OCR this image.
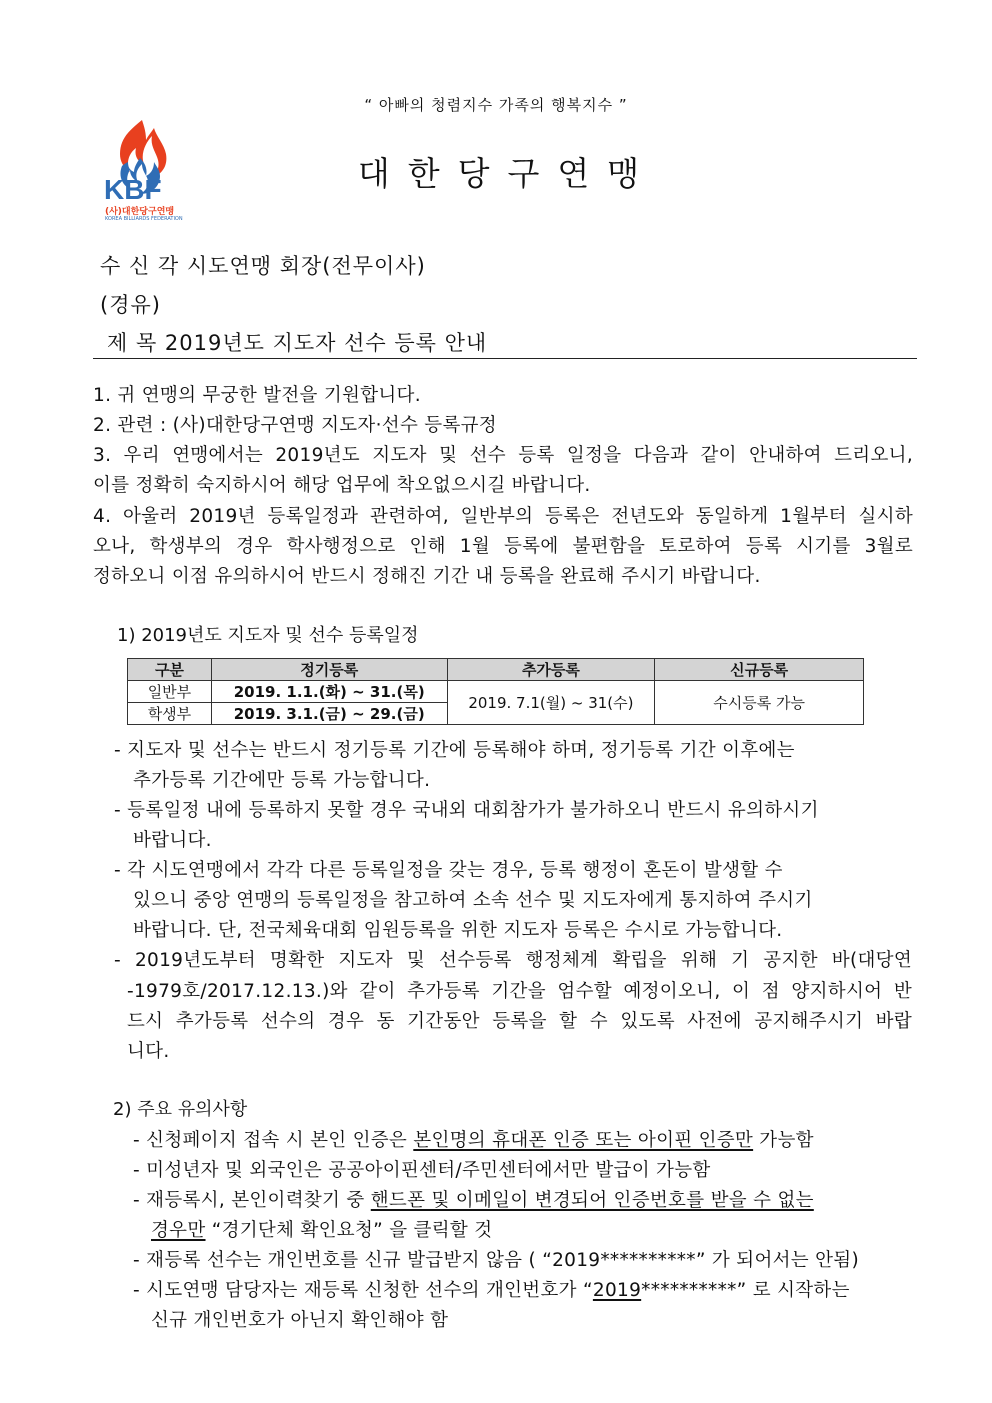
“ 아빠의 청렴지수 가족의 행복지수 ”
KBF
(사)대한당구연맹
KOREA BILLIARDS FEDERATION
대한당구연맹
수 신 각 시도연맹 회장(전무이사)
(경유)
제 목 2019년도 지도자 선수 등록 안내
1. 귀 연맹의 무궁한 발전을 기원합니다.
2. 관련 : (사)대한당구연맹 지도자·선수 등록규정
3. 우리 연맹에서는 2019년도 지도자 및 선수 등록 일정을 다음과 같이 안내하여 드리오니,
이를 정확히 숙지하시어 해당 업무에 착오없으시길 바랍니다.
4. 아울러 2019년 등록일정과 관련하여, 일반부의 등록은 전년도와 동일하게 1월부터 실시하
오나, 학생부의 경우 학사행정으로 인해 1월 등록에 불편함을 토로하여 등록 시기를 3월로
정하오니 이점 유의하시어 반드시 정해진 기간 내 등록을 완료해 주시기 바랍니다.
1) 2019년도 지도자 및 선수 등록일정
구분	정기등록	추가등록	신규등록
일반부	2019. 1.1.(화) ~ 31.(목)	2019. 7.1(월) ~ 31(수)	수시등록 가능
학생부	2019. 3.1.(금) ~ 29.(금)		
- 지도자 및 선수는 반드시 정기등록 기간에 등록해야 하며, 정기등록 기간 이후에는
추가등록 기간에만 등록 가능합니다.
- 등록일정 내에 등록하지 못할 경우 국내외 대회참가가 불가하오니 반드시 유의하시기
바랍니다.
- 각 시도연맹에서 각각 다른 등록일정을 갖는 경우, 등록 행정이 혼돈이 발생할 수
있으니 중앙 연맹의 등록일정을 참고하여 소속 선수 및 지도자에게 통지하여 주시기
바랍니다. 단, 전국체육대회 임원등록을 위한 지도자 등록은 수시로 가능합니다.
- 2019년도부터 명확한 지도자 및 선수등록 행정체계 확립을 위해 기 공지한 바(대당연
-1979호/2017.12.13.)와 같이 추가등록 기간을 엄수할 예정이오니, 이 점 양지하시어 반
드시 추가등록 선수의 경우 동 기간동안 등록을 할 수 있도록 사전에 공지해주시기 바랍
니다.
2) 주요 유의사항
- 신청페이지 접속 시 본인 인증은 본인명의 휴대폰 인증 또는 아이핀 인증만 가능함
- 미성년자 및 외국인은 공공아이핀센터/주민센터에서만 발급이 가능함
- 재등록시, 본인이력찾기 중 핸드폰 및 이메일이 변경되어 인증번호를 받을 수 없는
경우만 “경기단체 확인요청” 을 클릭할 것
- 재등록 선수는 개인번호를 신규 발급받지 않음 ( “2019**********” 가 되어서는 안됨)
- 시도연맹 담당자는 재등록 신청한 선수의 개인번호가 “2019**********” 로 시작하는
신규 개인번호가 아닌지 확인해야 함
